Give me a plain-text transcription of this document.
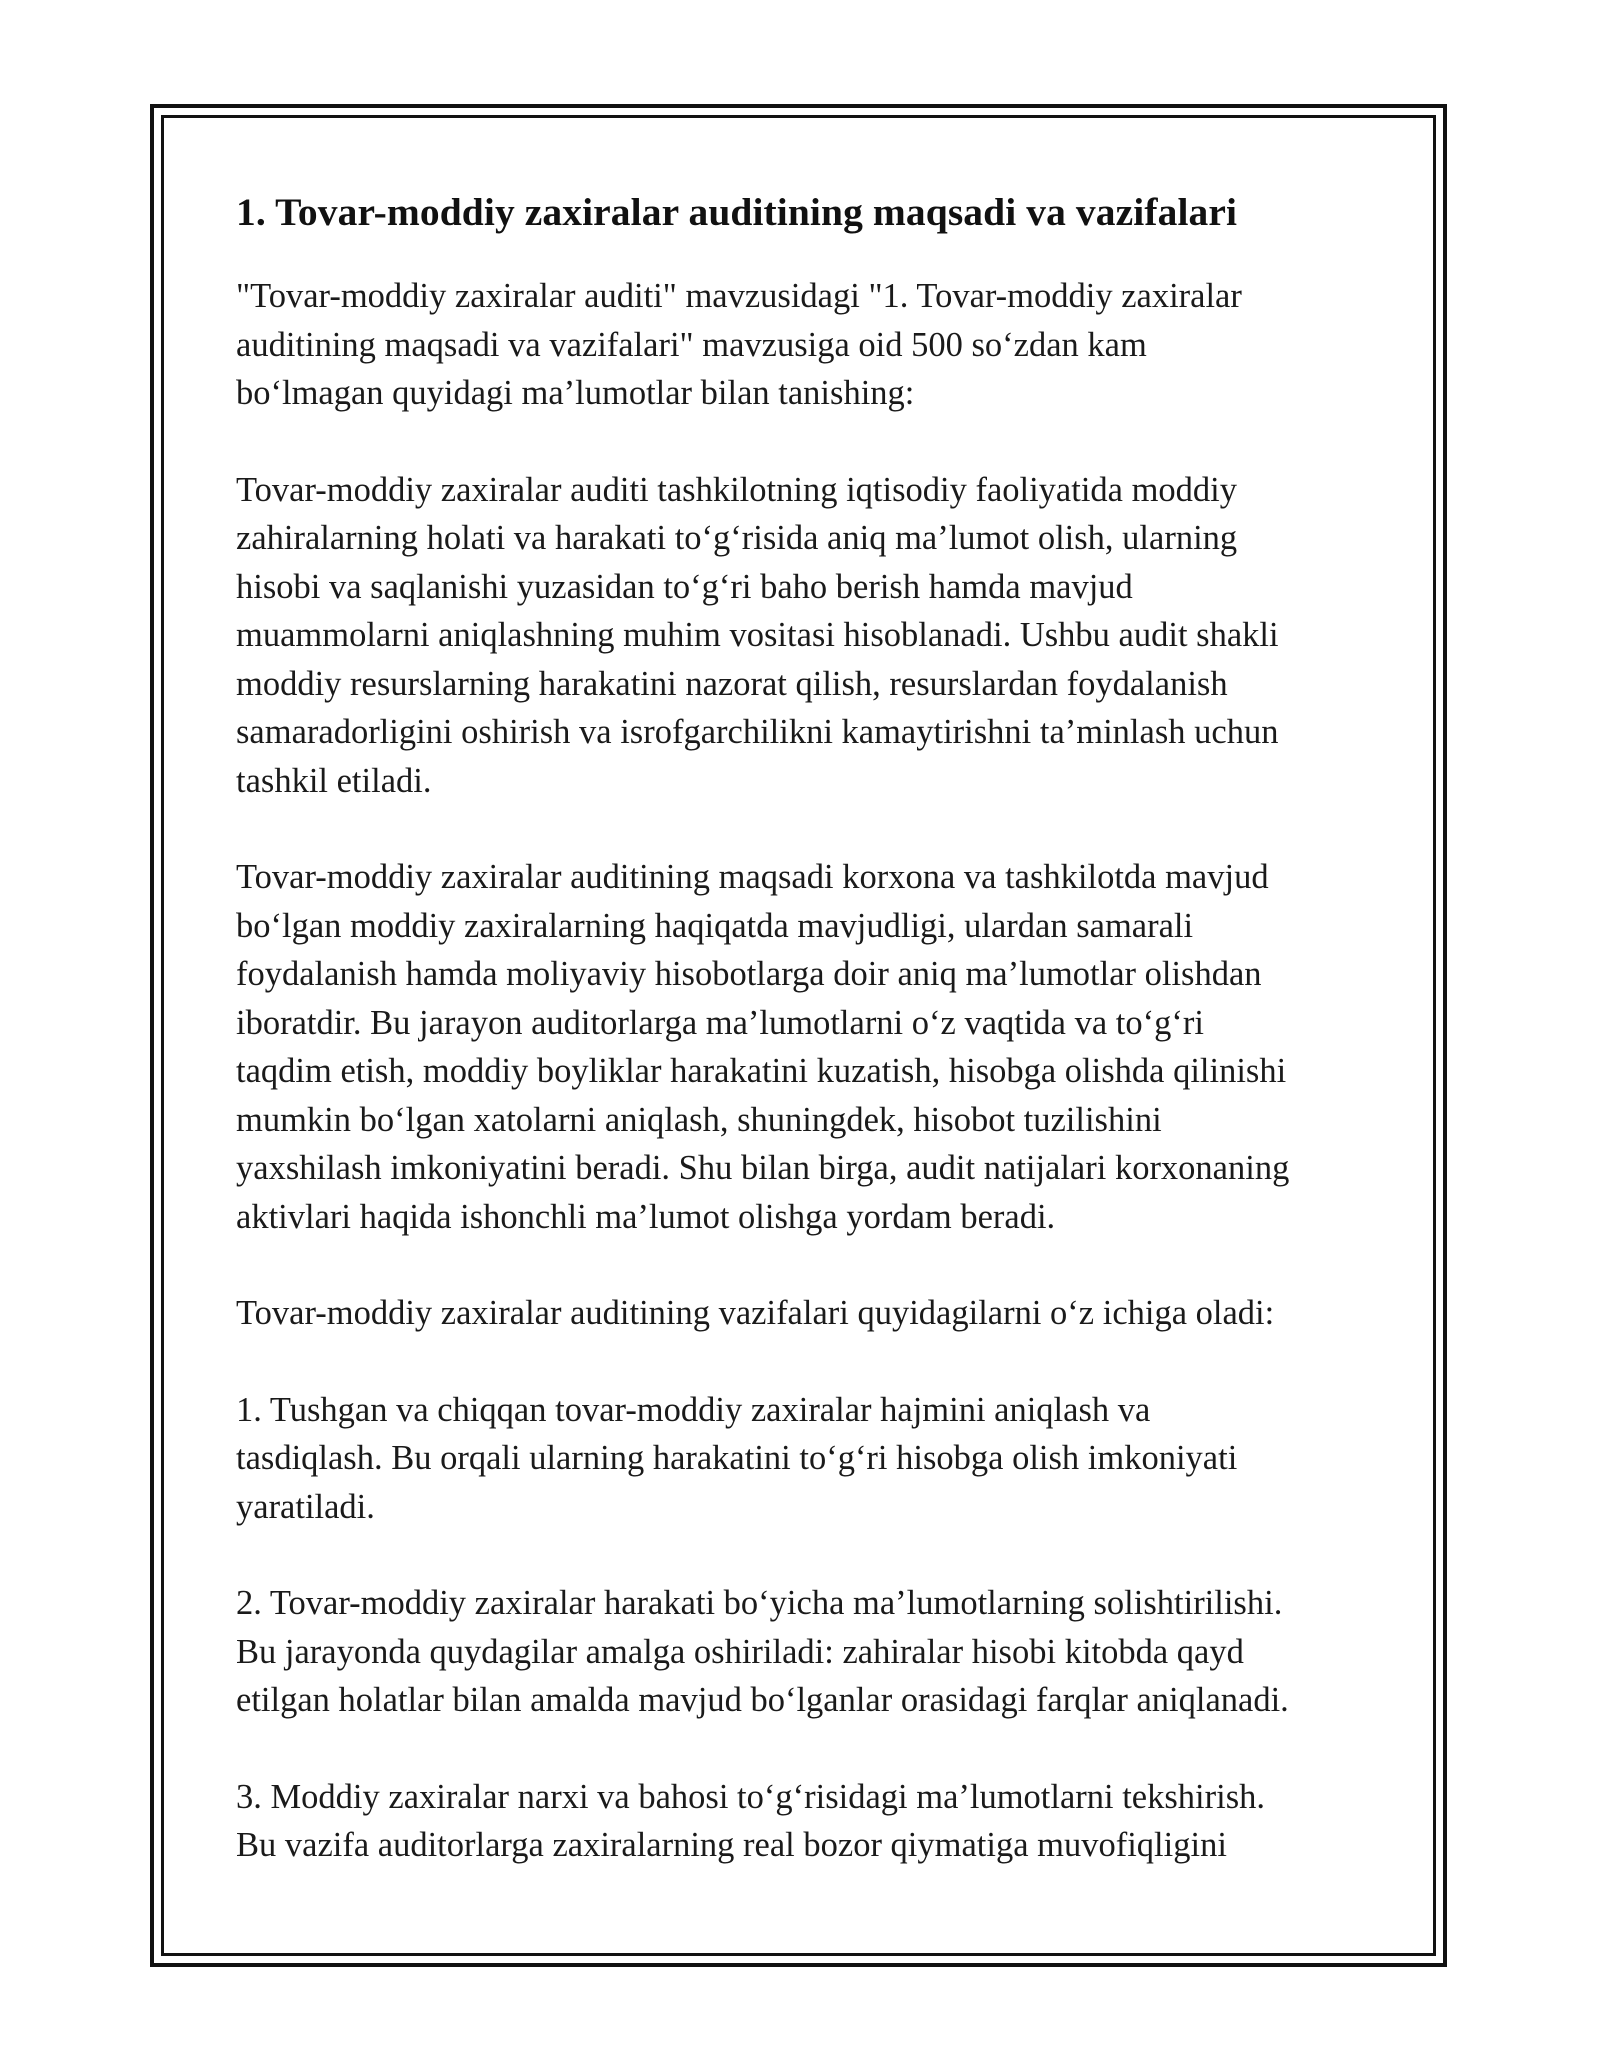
1. Tovar-moddiy zaxiralar auditining maqsadi va vazifalari

"Tovar-moddiy zaxiralar auditi" mavzusidagi "1. Tovar-moddiy zaxiralar
auditining maqsadi va vazifalari" mavzusiga oid 500 so‘zdan kam
bo‘lmagan quyidagi ma’lumotlar bilan tanishing:

Tovar-moddiy zaxiralar auditi tashkilotning iqtisodiy faoliyatida moddiy
zahiralarning holati va harakati to‘g‘risida aniq ma’lumot olish, ularning
hisobi va saqlanishi yuzasidan to‘g‘ri baho berish hamda mavjud
muammolarni aniqlashning muhim vositasi hisoblanadi. Ushbu audit shakli
moddiy resurslarning harakatini nazorat qilish, resurslardan foydalanish
samaradorligini oshirish va isrofgarchilikni kamaytirishni ta’minlash uchun
tashkil etiladi.

Tovar-moddiy zaxiralar auditining maqsadi korxona va tashkilotda mavjud
bo‘lgan moddiy zaxiralarning haqiqatda mavjudligi, ulardan samarali
foydalanish hamda moliyaviy hisobotlarga doir aniq ma’lumotlar olishdan
iboratdir. Bu jarayon auditorlarga ma’lumotlarni o‘z vaqtida va to‘g‘ri
taqdim etish, moddiy boyliklar harakatini kuzatish, hisobga olishda qilinishi
mumkin bo‘lgan xatolarni aniqlash, shuningdek, hisobot tuzilishini
yaxshilash imkoniyatini beradi. Shu bilan birga, audit natijalari korxonaning
aktivlari haqida ishonchli ma’lumot olishga yordam beradi.

Tovar-moddiy zaxiralar auditining vazifalari quyidagilarni o‘z ichiga oladi:

1. Tushgan va chiqqan tovar-moddiy zaxiralar hajmini aniqlash va
tasdiqlash. Bu orqali ularning harakatini to‘g‘ri hisobga olish imkoniyati
yaratiladi.

2. Tovar-moddiy zaxiralar harakati bo‘yicha ma’lumotlarning solishtirilishi.
Bu jarayonda quydagilar amalga oshiriladi: zahiralar hisobi kitobda qayd
etilgan holatlar bilan amalda mavjud bo‘lganlar orasidagi farqlar aniqlanadi.

3. Moddiy zaxiralar narxi va bahosi to‘g‘risidagi ma’lumotlarni tekshirish.
Bu vazifa auditorlarga zaxiralarning real bozor qiymatiga muvofiqligini
